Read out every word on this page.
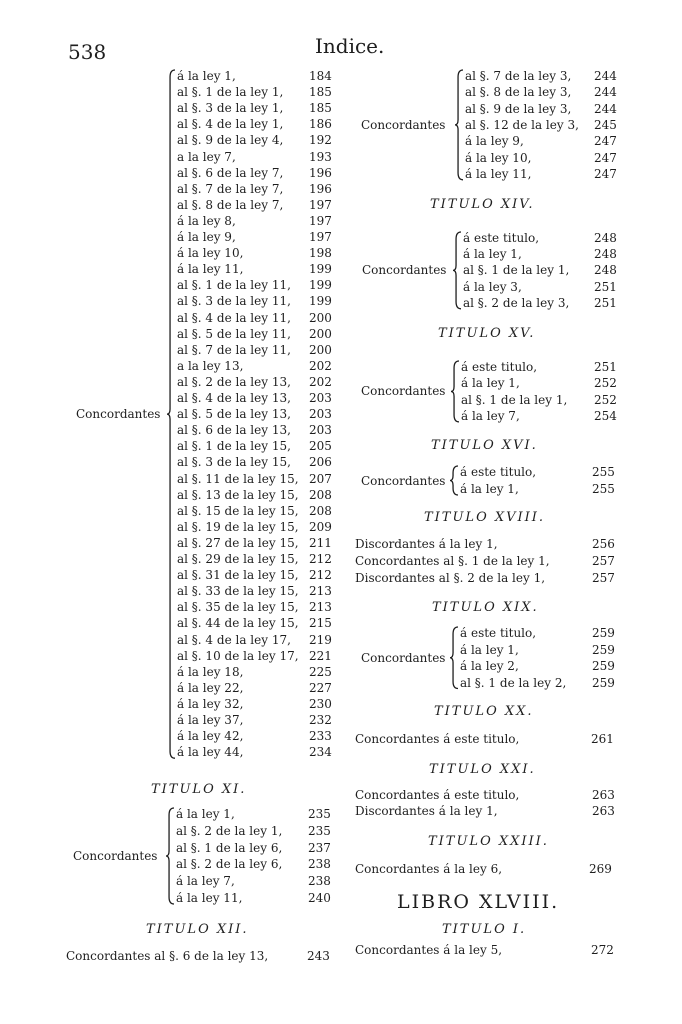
538	Indice.
á la ley 1,	184
al §. 1 de la ley 1, 185
al §. 3 de la ley 1, 185
al §. 4 de la ley 1, 186
al §. 9 de la ley 4, 192
a la ley 7,	193
al §. 6 de la ley 7, 196
al §. 7 de la ley 7, 196
al §. 8 de la ley 7, 197
á la ley 8,	197
á la ley 9,	197
á la ley 10,	198
á la ley 11,	199
al §. 1 de la ley 11, 199
al §. 3 de la ley 11, 199
al §. 4 de la ley 11, 200
al §. 5 de la ley 11, 200
al §. 7 de la ley 11, 200
a la ley 13,	202
al §. 2 de la ley 13, 202
al §. 4 de la ley 13, 203
al §. 5 de la ley 13, 203
al §. 6 de la ley 13, 203
al §. 1 de la ley 15, 205
al §. 3 de la ley 15, 206
al §. 11 de la ley 15, 207
al §. 13 de la ley 15, 208
al §. 15 de la ley 15, 208
al §. 19 de la ley 15, 209
al §. 27 de la ley 15, 211
al §. 29 de la ley 15, 212
al §. 31 de la ley 15, 212
al §. 33 de la ley 15, 213
al §. 35 de la ley 15, 213
al §. 44 de la ley 15, 215
al §. 4 de la ley 17, 219
al §. 10 de la ley 17, 221
á la ley 18,	225
á la ley 22,	227
á la ley 32,	230
á la ley 37,	232
á la ley 42,	233
á la ley 44,	234
Concordantes
TITULO XI.
á la ley 1,	235
al §. 2 de la ley 1, 235
al §. 1 de la ley 6, 237
al §. 2 de la ley 6, 238
á la ley 7,	238
á la ley 11,	240
Concordantes
TITULO XII.
Concordantes al §. 6 de la ley 13,	243
al §. 7 de la ley 3, 244
al §. 8 de la ley 3, 244
al §. 9 de la ley 3, 244
al §. 12 de la ley 3, 245
á la ley 9,	247
á la ley 10,	247
á la ley 11,	247
Concordantes
TITULO XIV.
á este titulo,	248
á la ley 1,	248
al §. 1 de la ley 1, 248
á la ley 3,	251
al §. 2 de la ley 3, 251
Concordantes
TITULO XV.
á este titulo,	251
á la ley 1,	252
al §. 1 de la ley 1, 252
á la ley 7,	254
Concordantes
TITULO XVI.
á este titulo,	255
á la ley 1,	255
Concordantes
TITULO XVIII.
Discordantes á la ley 1,	256
Concordantes al §. 1 de la ley 1,	257
Discordantes al §. 2 de la ley 1,	257
TITULO XIX.
á este titulo,	259
á la ley 1,	259
á la ley 2,	259
al §. 1 de la ley 2, 259
Concordantes
TITULO XX.
Concordantes á este titulo,	261
TITULO XXI.
Concordantes á este titulo,	263
Discordantes á la ley 1,	263
TITULO XXIII.
Concordantes á la ley 6,	269
LIBRO XLVIII.
TITULO I.
Concordantes á la ley 5,	272
